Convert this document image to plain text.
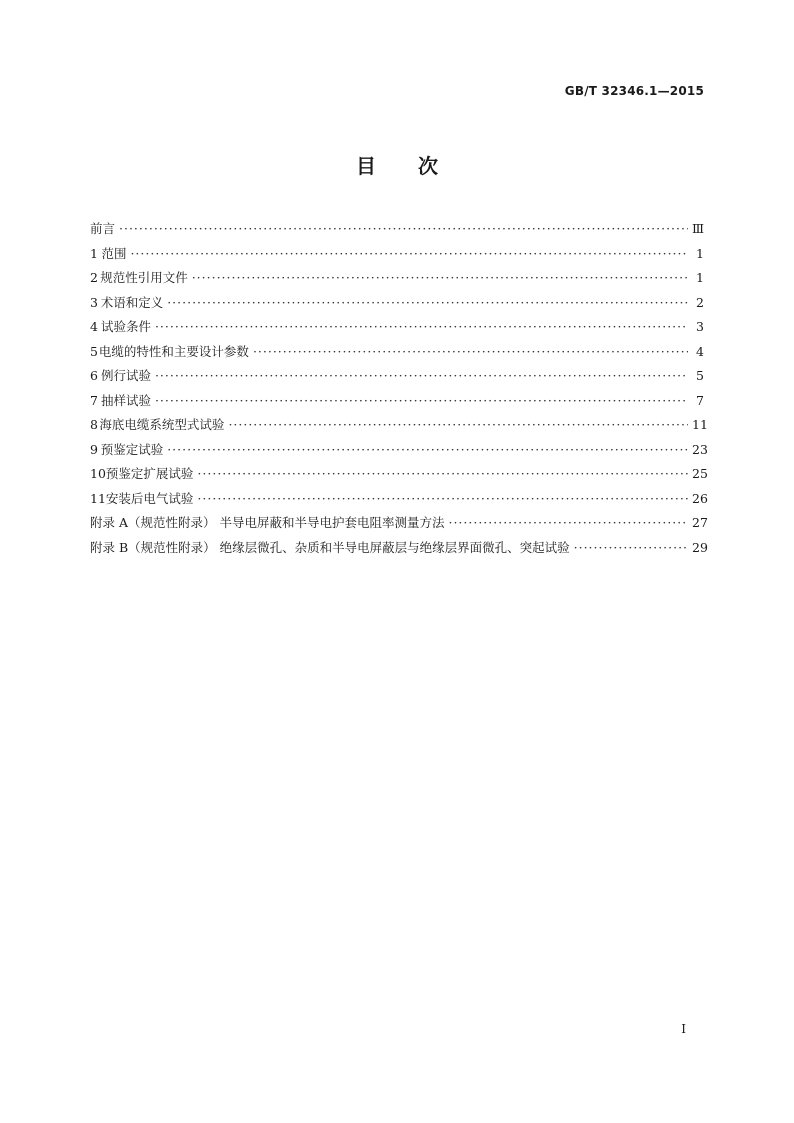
GB/T 32346.1—2015
目 次
前言 ·····	Ⅲ
1 范围 ·····	1
2 规范性引用文件 ·····	1
3 术语和定义 ·····	2
4 试验条件 ·····	3
5 电缆的特性和主要设计参数 ·····	4
6 例行试验 ·····	5
7 抽样试验 ·····	7
8 海底电缆系统型式试验 ·····	11
9 预鉴定试验 ·····	23
10 预鉴定扩展试验 ·····	25
11 安装后电气试验 ·····	26
附录 A（规范性附录） 半导电屏蔽和半导电护套电阻率测量方法 ·····	27
附录 B（规范性附录） 绝缘层微孔、杂质和半导电屏蔽层与绝缘层界面微孔、突起试验 ·····	29
I
